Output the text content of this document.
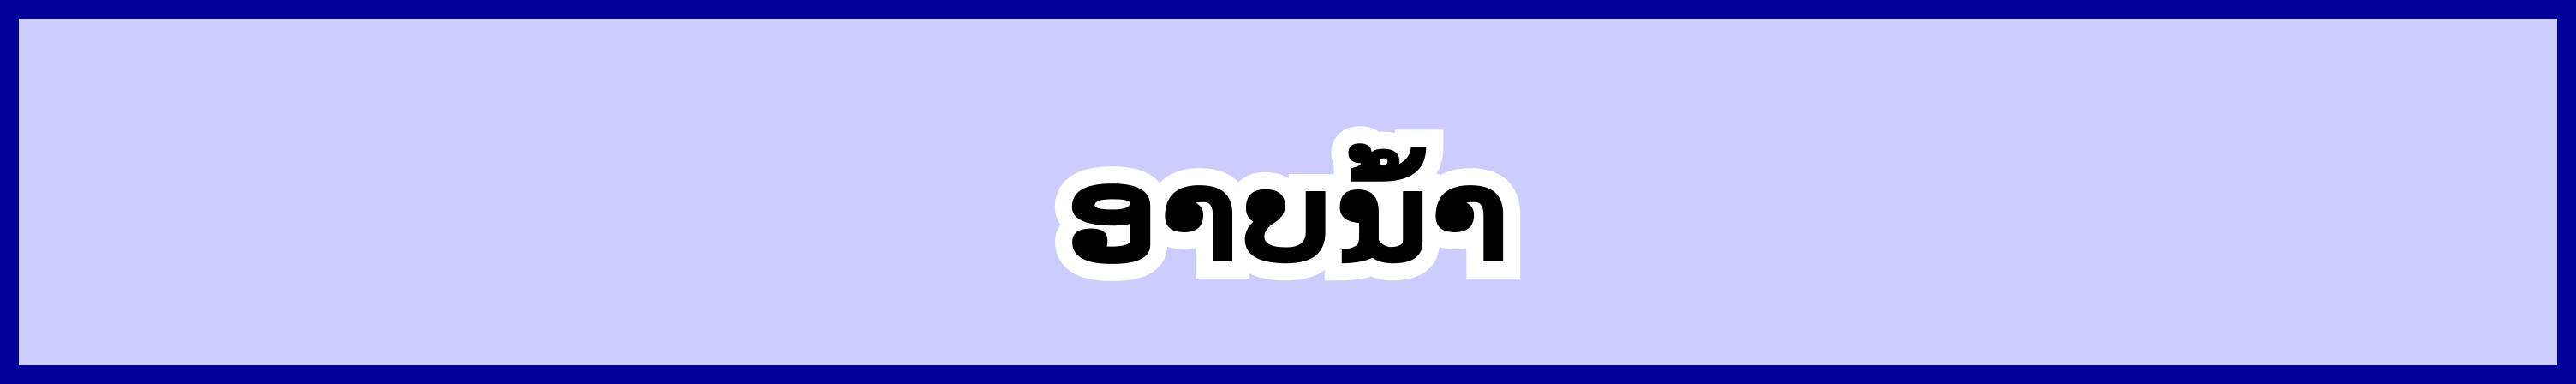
ອາບນ້ໍາ
